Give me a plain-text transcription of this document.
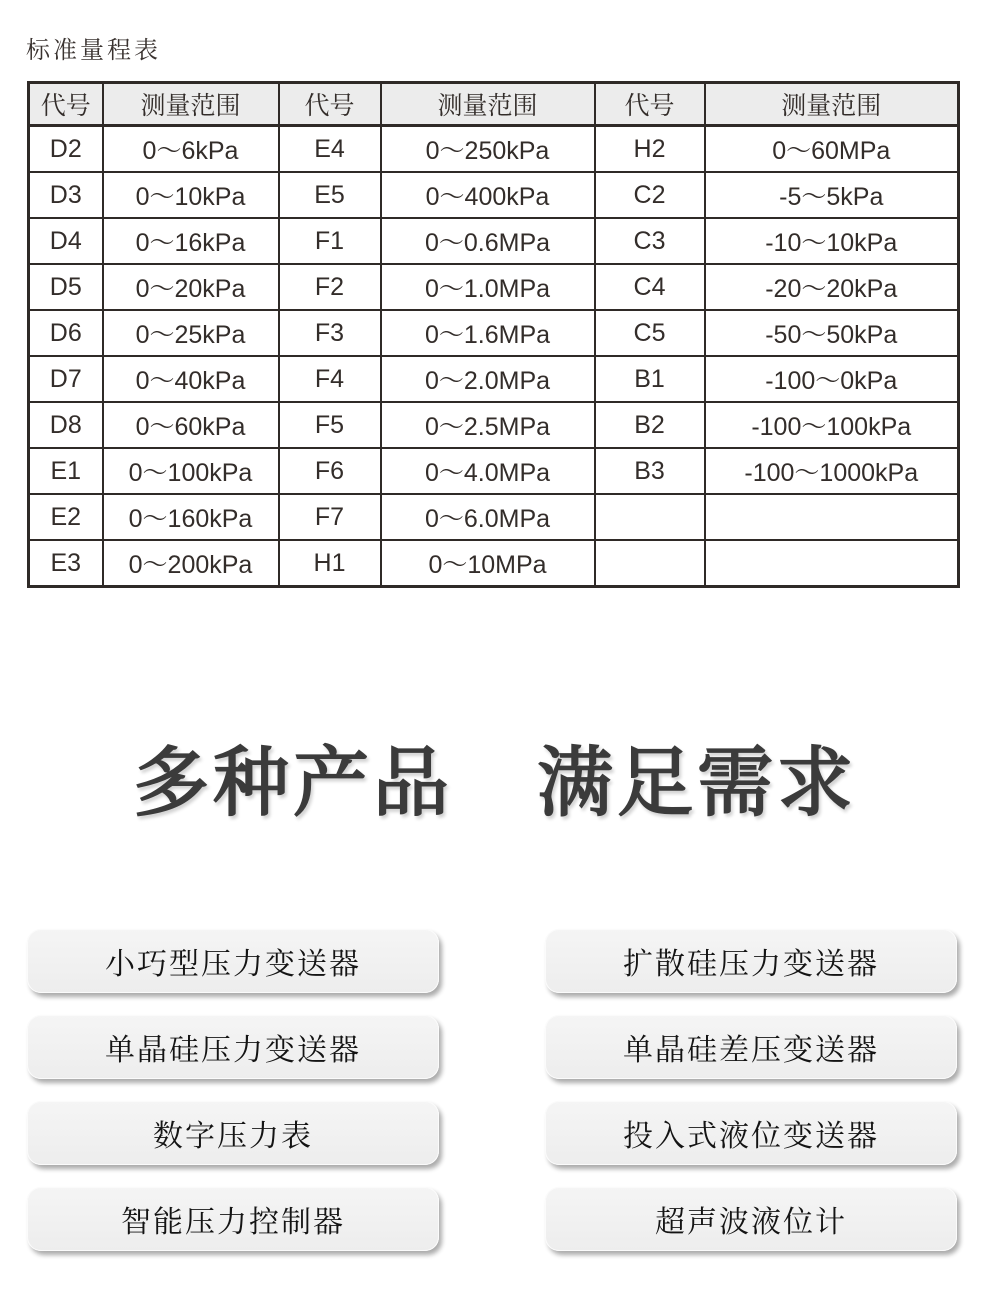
标准量程表
代号	测量范围	代号	测量范围	代号	测量范围
D2	0～6kPa	E4	0～250kPa	H2	0～60MPa
D3	0～10kPa	E5	0～400kPa	C2	-5～5kPa
D4	0～16kPa	F1	0～0.6MPa	C3	-10～10kPa
D5	0～20kPa	F2	0～1.0MPa	C4	-20～20kPa
D6	0～25kPa	F3	0～1.6MPa	C5	-50～50kPa
D7	0～40kPa	F4	0～2.0MPa	B1	-100～0kPa
D8	0～60kPa	F5	0～2.5MPa	B2	-100～100kPa
E1	0～100kPa	F6	0～4.0MPa	B3	-100～1000kPa
E2	0～160kPa	F7	0～6.0MPa		
E3	0～200kPa	H1	0～10MPa		
多种产品 满足需求
小巧型压力变送器	扩散硅压力变送器
单晶硅压力变送器	单晶硅差压变送器
数字压力表	投入式液位变送器
智能压力控制器	超声波液位计
